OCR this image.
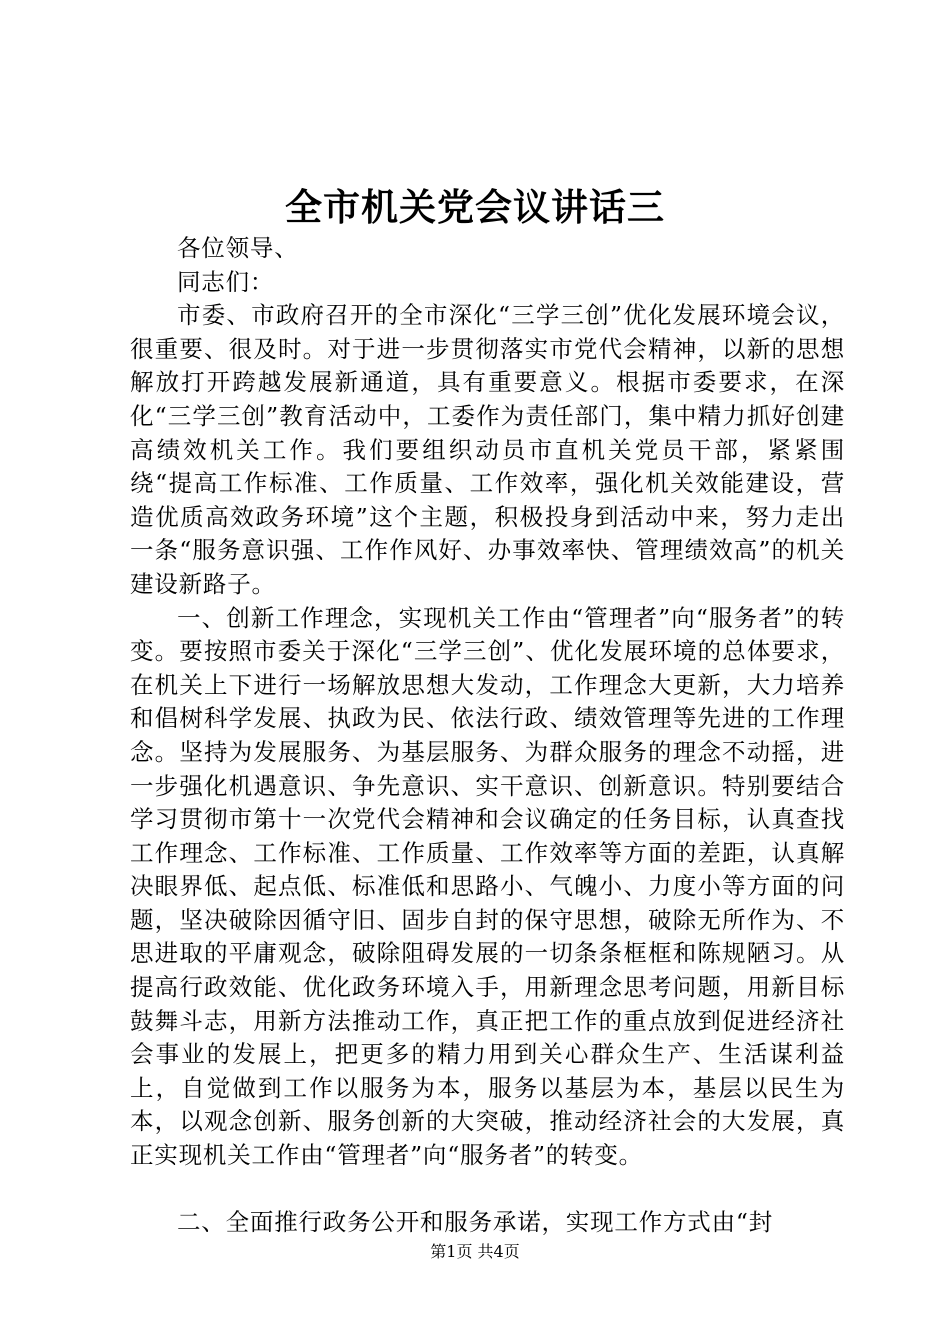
全市机关党会议讲话三

各位领导、

同志们：

市委、市政府召开的全市深化“三学三创”优化发展环境会议，很重要、很及时。对于进一步贯彻落实市党代会精神，以新的思想解放打开跨越发展新通道，具有重要意义。根据市委要求，在深化“三学三创”教育活动中，工委作为责任部门，集中精力抓好创建高绩效机关工作。我们要组织动员市直机关党员干部，紧紧围绕“提高工作标准、工作质量、工作效率，强化机关效能建设，营造优质高效政务环境”这个主题，积极投身到活动中来，努力走出一条“服务意识强、工作作风好、办事效率快、管理绩效高”的机关建设新路子。

一、创新工作理念，实现机关工作由“管理者”向“服务者”的转变。要按照市委关于深化“三学三创”、优化发展环境的总体要求，在机关上下进行一场解放思想大发动，工作理念大更新，大力培养和倡树科学发展、执政为民、依法行政、绩效管理等先进的工作理念。坚持为发展服务、为基层服务、为群众服务的理念不动摇，进一步强化机遇意识、争先意识、实干意识、创新意识。特别要结合学习贯彻市第十一次党代会精神和会议确定的任务目标，认真查找工作理念、工作标准、工作质量、工作效率等方面的差距，认真解决眼界低、起点低、标准低和思路小、气魄小、力度小等方面的问题，坚决破除因循守旧、固步自封的保守思想，破除无所作为、不思进取的平庸观念，破除阻碍发展的一切条条框框和陈规陋习。从提高行政效能、优化政务环境入手，用新理念思考问题，用新目标鼓舞斗志，用新方法推动工作，真正把工作的重点放到促进经济社会事业的发展上，把更多的精力用到关心群众生产、生活谋利益上，自觉做到工作以服务为本，服务以基层为本，基层以民生为本，以观念创新、服务创新的大突破，推动经济社会的大发展，真正实现机关工作由“管理者”向“服务者”的转变。

二、全面推行政务公开和服务承诺，实现工作方式由“封

第1页 共4页
